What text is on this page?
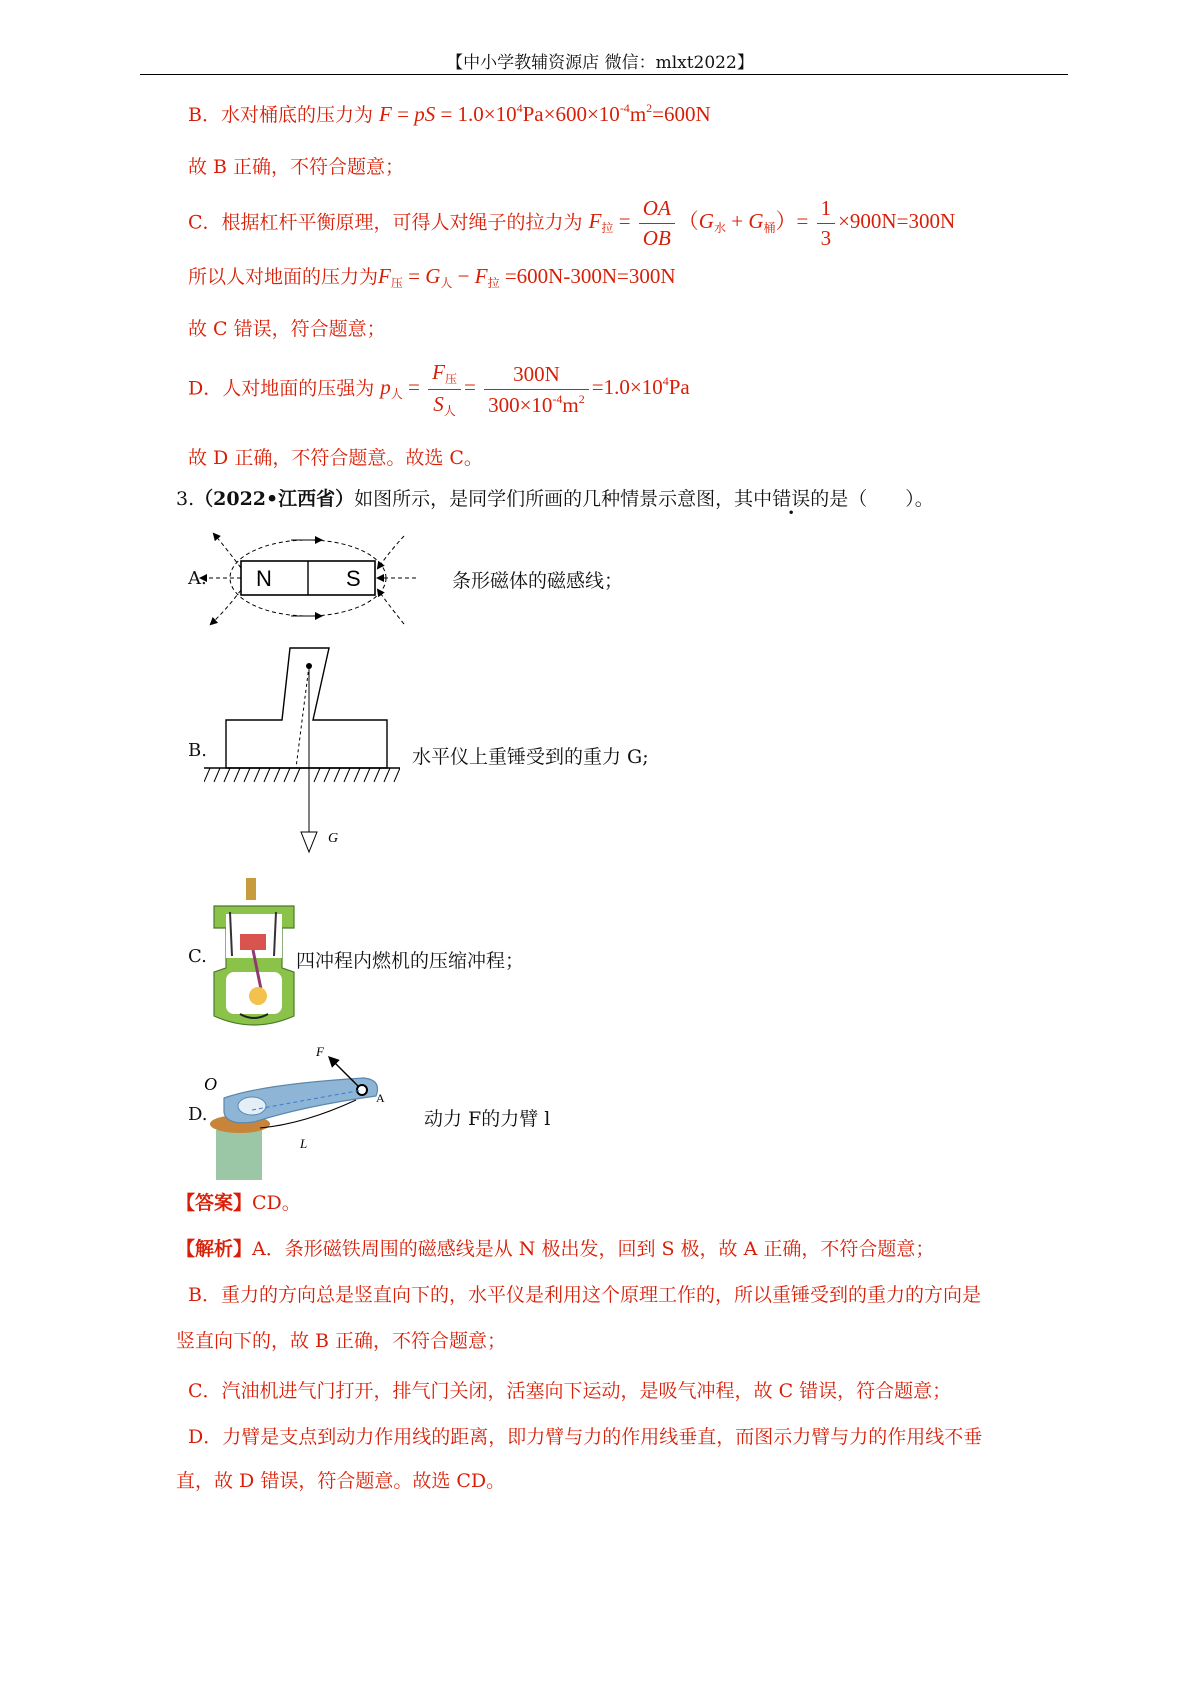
【中小学教辅资源店 微信：mlxt2022】
B．水对桶底的压力为 F = pS = $1.0\times 10^4Pa\times 600\times 10^{-4}m^2=600N$
故 B 正确，不符合题意；
C．根据杠杆平衡原理，可得人对绳子的拉力为 $F_拉 = \frac{OA}{OB} (G_水 + G_桶)= \frac{1}{3} \times 900N=300N$
所以人对地面的压力为$F_压 = G_人 - F_拉 =600N-300N=300N$
故 C 错误，符合题意；
D．人对地面的压强为 $p_人 = \frac{F_压}{S_人} = \frac{300N}{300\times 10^{-4}m^2} =1.0\times 10^4Pa$
故 D 正确，不符合题意。故选 C。
3.（2022•江西省）如图所示，是同学们所画的几种情景示意图，其中错误的是（　　）。
A. N	S	条形磁体的磁感线；
B.
G
水平仪上重锤受到的重力 G;
C.	四冲程内燃机的压缩冲程；
D.
F
O
A
L
动力 F的力臂 l
【答案】CD。
【解析】A．条形磁铁周围的磁感线是从 N 极出发，回到 S 极，故 A 正确，不符合题意；
B．重力的方向总是竖直向下的，水平仪是利用这个原理工作的，所以重锤受到的重力的方向是
竖直向下的，故 B 正确，不符合题意；
C．汽油机进气门打开，排气门关闭，活塞向下运动，是吸气冲程，故 C 错误，符合题意；
D．力臂是支点到动力作用线的距离，即力臂与力的作用线垂直，而图示力臂与力的作用线不垂
直，故 D 错误，符合题意。故选 CD。
